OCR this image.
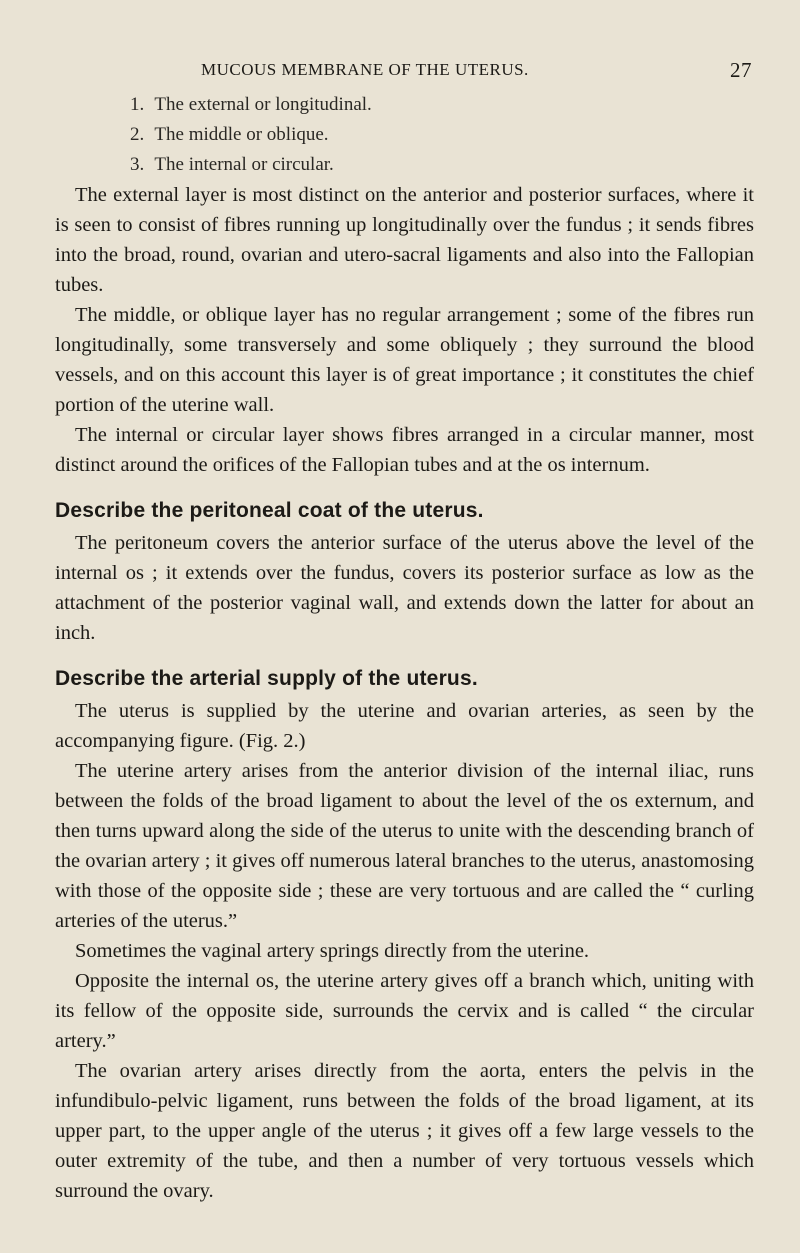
MUCOUS MEMBRANE OF THE UTERUS.	27
1. The external or longitudinal.
2. The middle or oblique.
3. The internal or circular.

The external layer is most distinct on the anterior and posterior surfaces, where it is seen to consist of fibres running up longitudinally over the fundus ; it sends fibres into the broad, round, ovarian and utero-sacral ligaments and also into the Fallopian tubes.

The middle, or oblique layer has no regular arrangement ; some of the fibres run longitudinally, some transversely and some obliquely ; they surround the blood vessels, and on this account this layer is of great importance ; it constitutes the chief portion of the uterine wall.

The internal or circular layer shows fibres arranged in a circular manner, most distinct around the orifices of the Fallopian tubes and at the os internum.

Describe the peritoneal coat of the uterus.

The peritoneum covers the anterior surface of the uterus above the level of the internal os ; it extends over the fundus, covers its posterior surface as low as the attachment of the posterior vaginal wall, and extends down the latter for about an inch.

Describe the arterial supply of the uterus.

The uterus is supplied by the uterine and ovarian arteries, as seen by the accompanying figure. (Fig. 2.)

The uterine artery arises from the anterior division of the internal iliac, runs between the folds of the broad ligament to about the level of the os externum, and then turns upward along the side of the uterus to unite with the descending branch of the ovarian artery ; it gives off numerous lateral branches to the uterus, anastomosing with those of the opposite side ; these are very tortuous and are called the “ curling arteries of the uterus.”

Sometimes the vaginal artery springs directly from the uterine.

Opposite the internal os, the uterine artery gives off a branch which, uniting with its fellow of the opposite side, surrounds the cervix and is called “ the circular artery.”

The ovarian artery arises directly from the aorta, enters the pelvis in the infundibulo-pelvic ligament, runs between the folds of the broad ligament, at its upper part, to the upper angle of the uterus ; it gives off a few large vessels to the outer extremity of the tube, and then a number of very tortuous vessels which surround the ovary.
